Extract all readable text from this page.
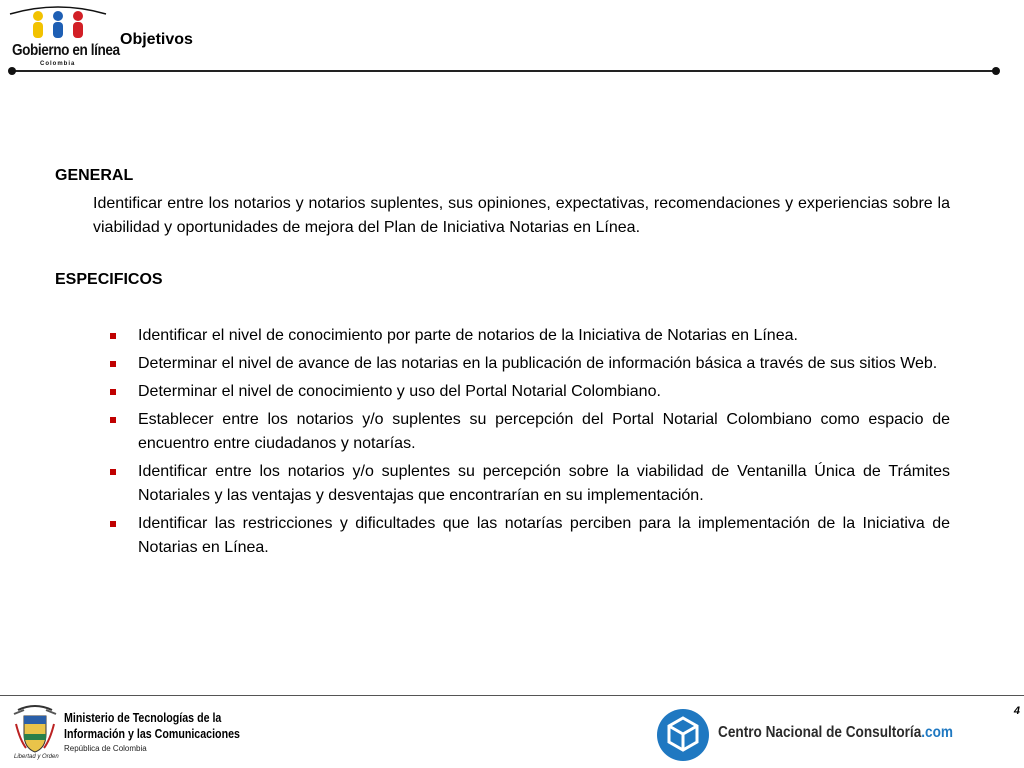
Gobierno en línea
Colombia
Objetivos

GENERAL

Identificar entre los notarios y notarios suplentes, sus opiniones, expectativas, recomendaciones y experiencias sobre la viabilidad y oportunidades de mejora del Plan de Iniciativa Notarias en Línea.

ESPECIFICOS

Identificar el nivel de conocimiento por parte de notarios de la Iniciativa de Notarias en Línea.
Determinar el nivel de avance de las notarias en la publicación de información básica a través de sus sitios Web.
Determinar el nivel de conocimiento y uso del Portal Notarial Colombiano.
Establecer entre los notarios y/o suplentes su percepción del Portal Notarial Colombiano como espacio de encuentro entre ciudadanos y notarías.
Identificar entre los notarios y/o suplentes su percepción sobre la viabilidad de Ventanilla Única de Trámites Notariales y las ventajas y desventajas que encontrarían en su implementación.
Identificar las restricciones y dificultades que las notarías perciben para la implementación de la Iniciativa de Notarias en Línea.
4
Ministerio de Tecnologías de la
Información y las Comunicaciones
República de Colombia
Libertad y Orden
Centro Nacional de Consultoría.com
